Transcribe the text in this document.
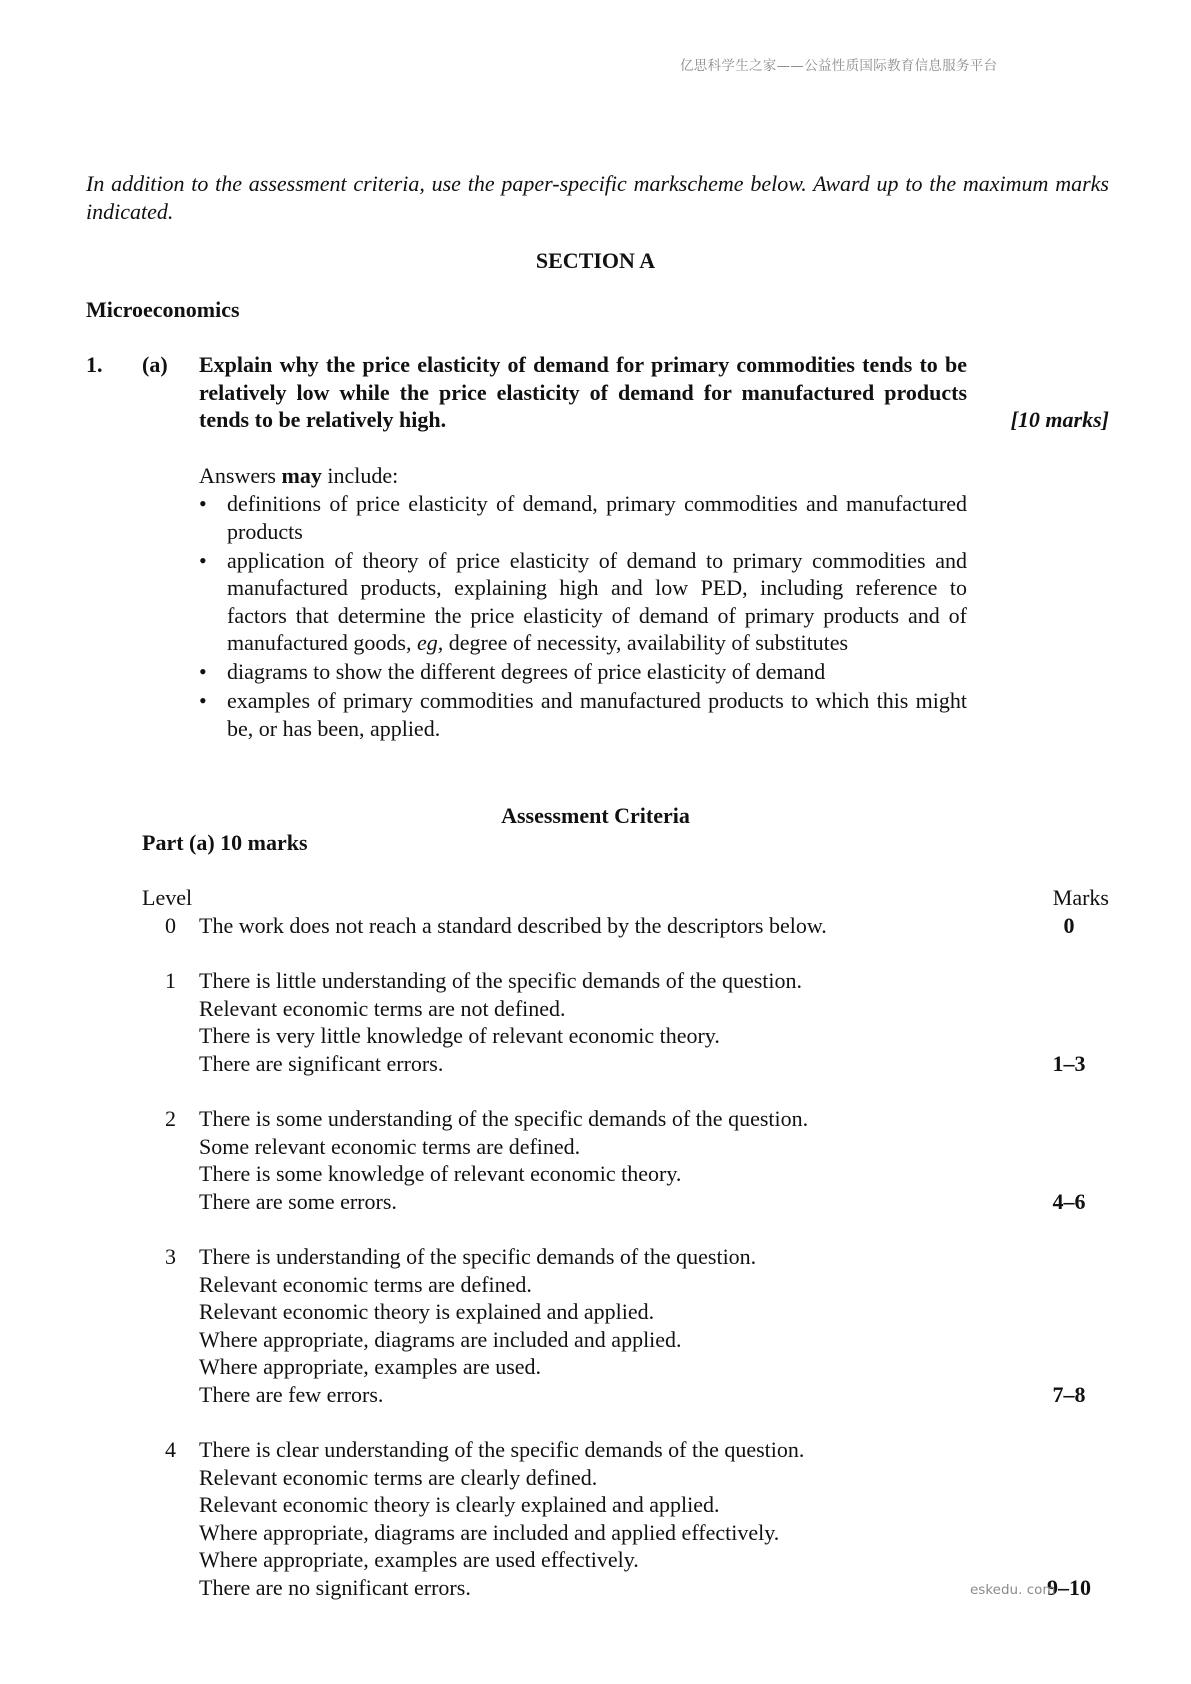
亿思科学生之家——公益性质国际教育信息服务平台

In addition to the assessment criteria, use the paper-specific markscheme below. Award up to the maximum marks indicated.

SECTION A
Microeconomics
1. (a) Explain why the price elasticity of demand for primary commodities tends to be relatively low while the price elasticity of demand for manufactured products tends to be relatively high.	[10 marks]
Answers may include:
• definitions of price elasticity of demand, primary commodities and manufactured products
• application of theory of price elasticity of demand to primary commodities and manufactured products, explaining high and low PED, including reference to factors that determine the price elasticity of demand of primary products and of manufactured goods, eg, degree of necessity, availability of substitutes
• diagrams to show the different degrees of price elasticity of demand
• examples of primary commodities and manufactured products to which this might be, or has been, applied.
Assessment Criteria
Part (a) 10 marks
Level	Marks
0 The work does not reach a standard described by the descriptors below.	0
1 There is little understanding of the specific demands of the question.
Relevant economic terms are not defined.
There is very little knowledge of relevant economic theory.
There are significant errors.	1–3
2 There is some understanding of the specific demands of the question.
Some relevant economic terms are defined.
There is some knowledge of relevant economic theory.
There are some errors.	4–6
3 There is understanding of the specific demands of the question.
Relevant economic terms are defined.
Relevant economic theory is explained and applied.
Where appropriate, diagrams are included and applied.
Where appropriate, examples are used.
There are few errors.	7–8
4 There is clear understanding of the specific demands of the question.
Relevant economic terms are clearly defined.
Relevant economic theory is clearly explained and applied.
Where appropriate, diagrams are included and applied effectively.
Where appropriate, examples are used effectively.
There are no significant errors.	9–10
eskedu. com
